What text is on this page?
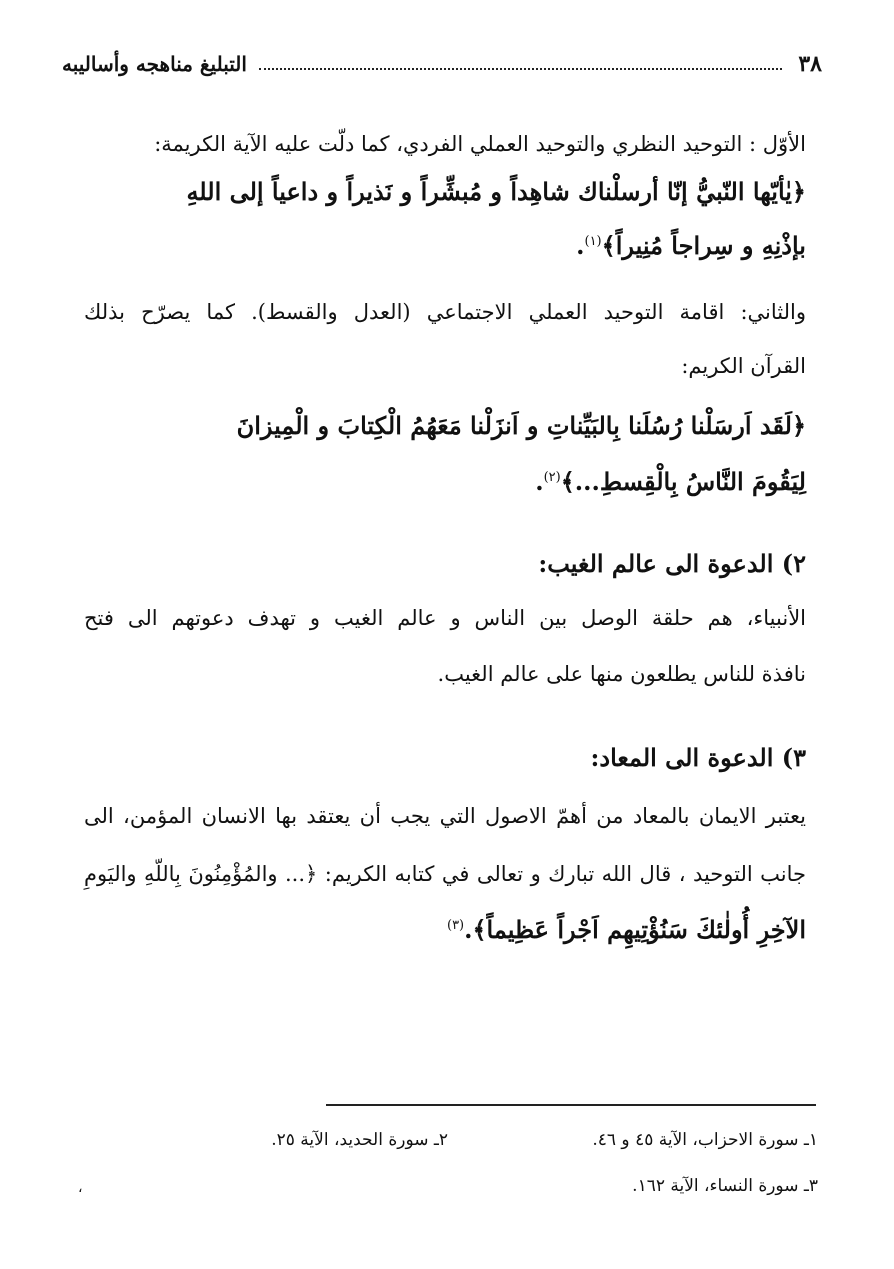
٣٨
التبليغ مناهجه وأساليبه
الأوّل : التوحيد النظري والتوحيد العملي الفردي، كما دلّت عليه الآية الكريمة:
﴿يٰأيّها النّبيُّ إنّا أرسلْناك شاهِداً و مُبشِّراً و نَذيراً و داعياً إلى اللهِ
بإذْنِهِ و سِراجاً مُنِيراً﴾$^{(١)}$.
والثاني: اقامة التوحيد العملي الاجتماعي (العدل والقسط). كما يصرّح بذلك
القرآن الكريم:
﴿لَقَد اَرسَلْنا رُسُلَنا بِالبَيِّناتِ و اَنزَلْنا مَعَهُمُ الْكِتابَ و الْمِيزانَ
لِيَقُومَ النَّاسُ بِالْقِسطِ...﴾$^{(٢)}$.
٢) الدعوة الى عالم الغيب:
الأنبياء، هم حلقة الوصل بين الناس و عالم الغيب و تهدف دعوتهم الى فتح
نافذة للناس يطلعون منها على عالم الغيب.
٣) الدعوة الى المعاد:
يعتبر الايمان بالمعاد من أهمّ الاصول التي يجب أن يعتقد بها الانسان المؤمن، الى
جانب التوحيد ، قال الله تبارك و تعالى في كتابه الكريم: ﴿... والمُؤْمِنُونَ بِاللّهِ واليَومِ
الآخِرِ أُولٰئكَ سَنُؤْتِيهِم اَجْراً عَظِيماً﴾.$^{(٣)}$
١ـ سورة الاحزاب، الآية ٤٥ و ٤٦.
٢ـ سورة الحديد، الآية ٢٥.
٣ـ سورة النساء، الآية ١٦٢.
،
